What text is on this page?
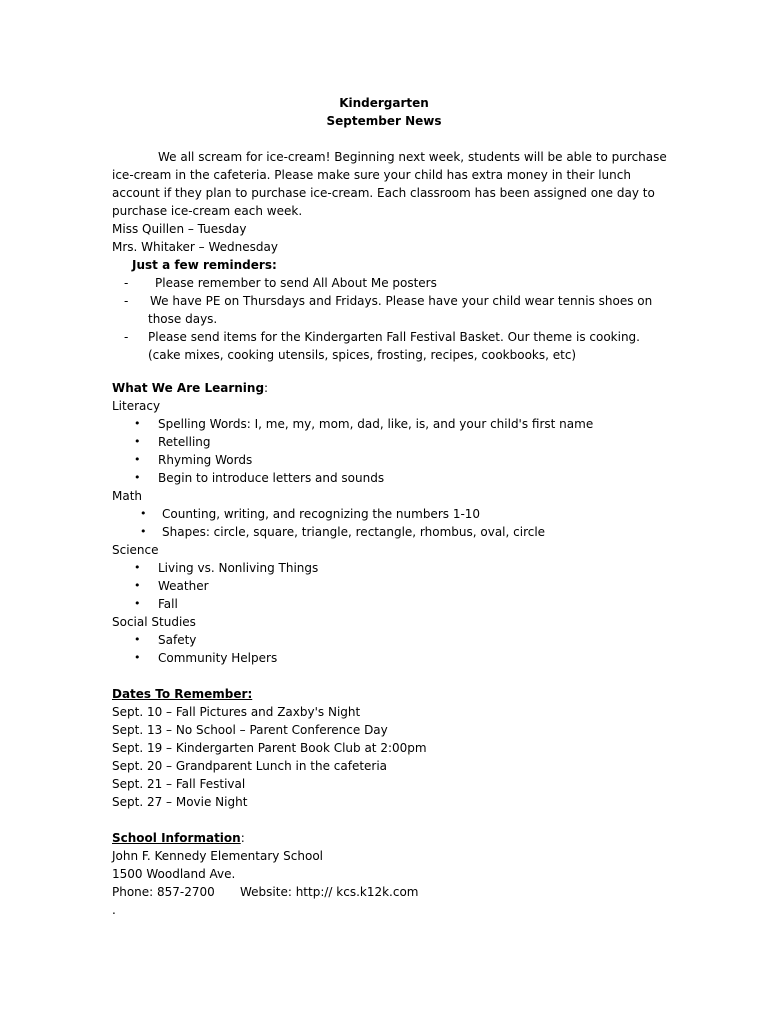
Kindergarten
September News
We all scream for ice-cream! Beginning next week, students will be able to purchase
ice-cream in the cafeteria. Please make sure your child has extra money in their lunch
account if they plan to purchase ice-cream. Each classroom has been assigned one day to
purchase ice-cream each week.
Miss Quillen – Tuesday
Mrs. Whitaker – Wednesday
Just a few reminders:
- Please remember to send All About Me posters
- We have PE on Thursdays and Fridays. Please have your child wear tennis shoes on
those days.
- Please send items for the Kindergarten Fall Festival Basket. Our theme is cooking.
(cake mixes, cooking utensils, spices, frosting, recipes, cookbooks, etc)
What We Are Learning:
Literacy
• Spelling Words: I, me, my, mom, dad, like, is, and your child's first name
• Retelling
• Rhyming Words
• Begin to introduce letters and sounds
Math
• Counting, writing, and recognizing the numbers 1-10
• Shapes: circle, square, triangle, rectangle, rhombus, oval, circle
Science
• Living vs. Nonliving Things
• Weather
• Fall
Social Studies
• Safety
• Community Helpers
Dates To Remember:
Sept. 10 – Fall Pictures and Zaxby's Night
Sept. 13 – No School – Parent Conference Day
Sept. 19 – Kindergarten Parent Book Club at 2:00pm
Sept. 20 – Grandparent Lunch in the cafeteria
Sept. 21 – Fall Festival
Sept. 27 – Movie Night
School Information:
John F. Kennedy Elementary School
1500 Woodland Ave.
Phone: 857-2700 Website: http:// kcs.k12k.com
.
